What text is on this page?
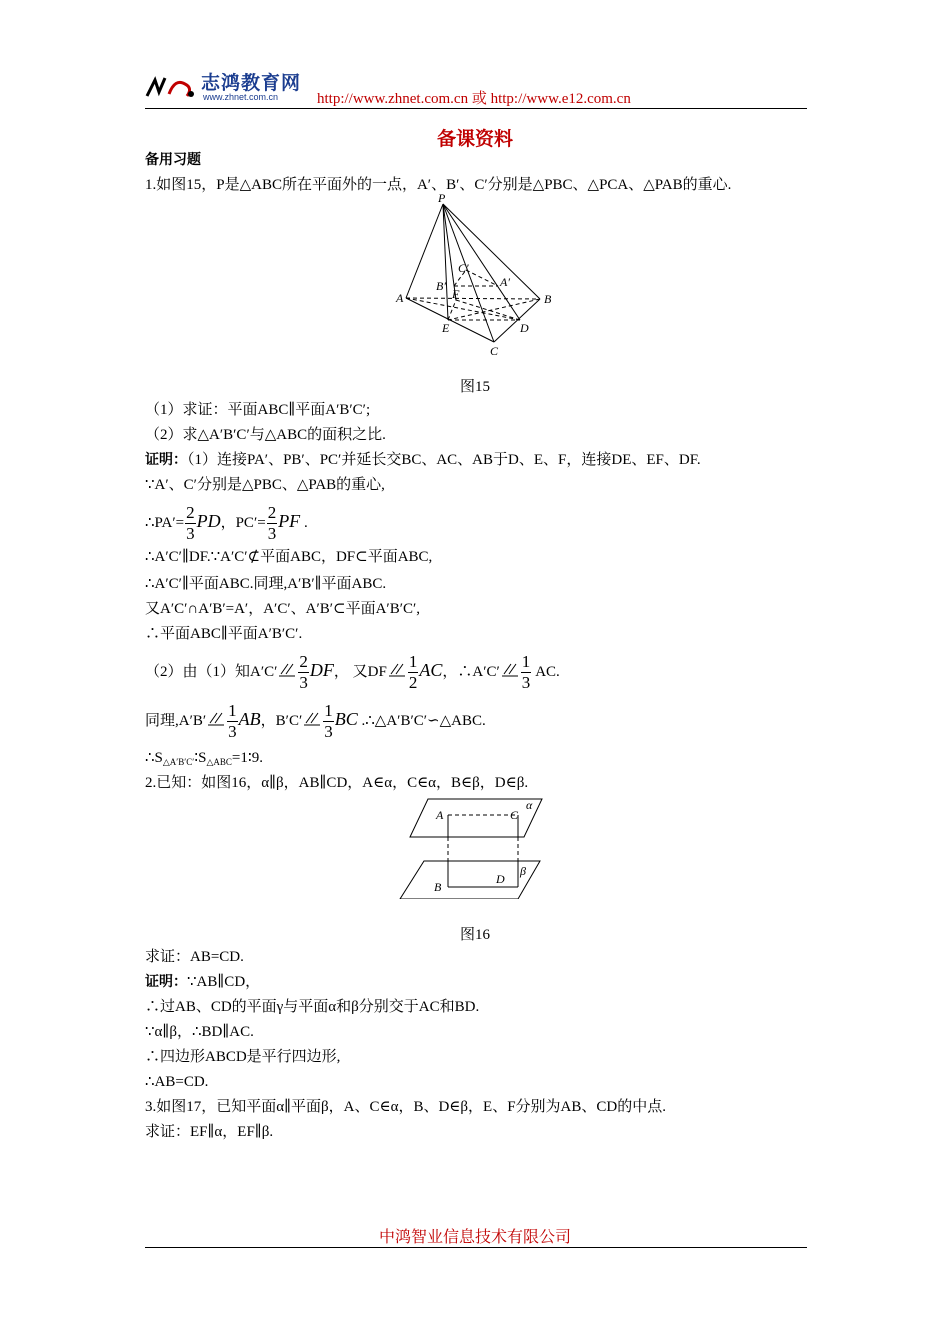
志鸿教育网
www.zhnet.com.cn	http://www.zhnet.com.cn 或 http://www.e12.com.cn
备课资料
备用习题
1.如图15，P是△ABC所在平面外的一点，A′、B′、C′分别是△PBC、△PCA、△PAB的重心.
P
A	B
C
D
E
F
A′
B′
C′
图15
（1）求证：平面ABC∥平面A′B′C′;
（2）求△A′B′C′与△ABC的面积之比.
证明：（1）连接PA′、PB′、PC′并延长交BC、AC、AB于D、E、F，连接DE、EF、DF.
∵A′、C′分别是△PBC、△PAB的重心,
∴PA′= $\frac{2}{3}$ PD，$PC'= \frac{2}{3}$ PF .
∴A′C′∥DF.∵A′C′⊄平面ABC，DF⊂平面ABC,
∴A′C′∥平面ABC.同理,A′B′∥平面ABC.
又A′C′∩A′B′=A′，A′C′、A′B′⊂平面A′B′C′,
∴平面ABC∥平面A′B′C′.
（2）由（1）知$A'C' \frac{2}{3}$ DF， 又DF $\frac{1}{2}$ AC，∴A′C′ $\frac{1}{3}$ AC.
同理$,A'B' \frac{1}{3}$ AB，$B'C' \frac{1}{3}$ BC .∴△A′B′C′∽△ABC.
$\therefore S_{\triangle A'B'C'}∶S_{\triangle ABC}=1∶9$.
2.已知：如图16，α∥β，AB∥CD，A∈α，C∈α，B∈β，D∈β.
A	C
α
B
D
β
图16
求证：AB=CD.
证明：∵AB∥CD，
∴过AB、CD的平面γ与平面α和β分别交于AC和BD.
∵α∥β，∴BD∥AC.
∴四边形ABCD是平行四边形,
∴AB=CD.
3.如图17，已知平面α∥平面β，A、C∈α，B、D∈β，E、F分别为AB、CD的中点.
求证：EF∥α，EF∥β.
中鸿智业信息技术有限公司
